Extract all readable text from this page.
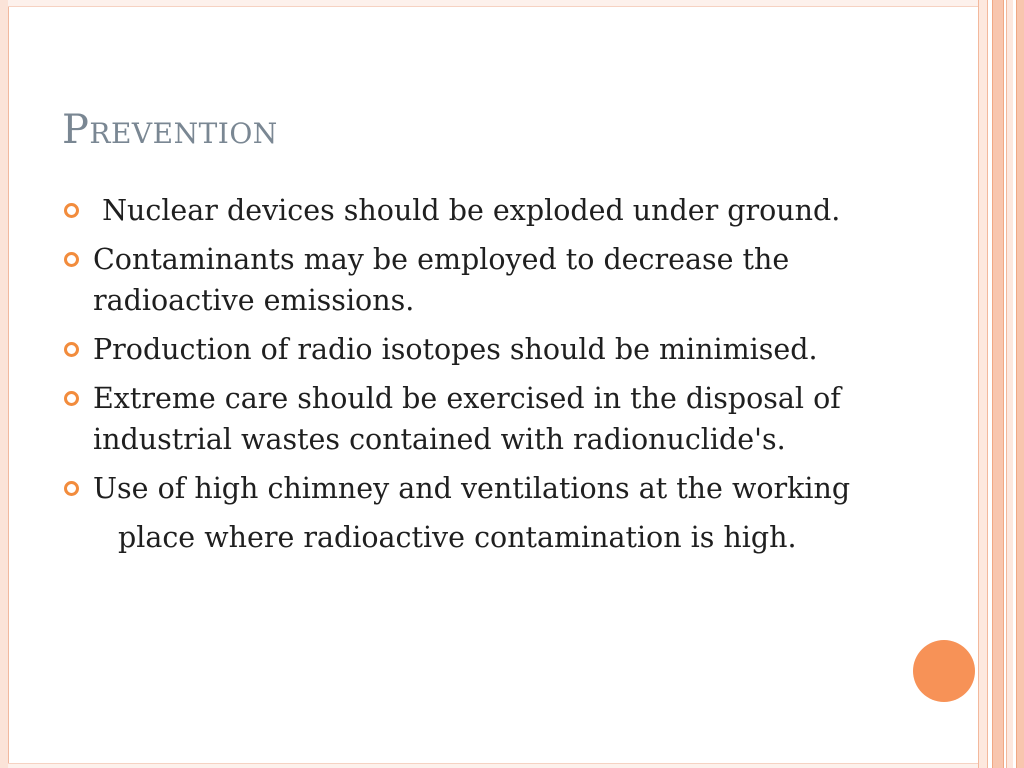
Prevention
Nuclear devices should be exploded under ground.
Contaminants may be employed to decrease the radioactive emissions.
Production of radio isotopes should be minimised.
Extreme care should be exercised in the disposal of  industrial wastes contained with radionuclide's.
Use of high chimney and ventilations at the working
place where radioactive contamination is high.
